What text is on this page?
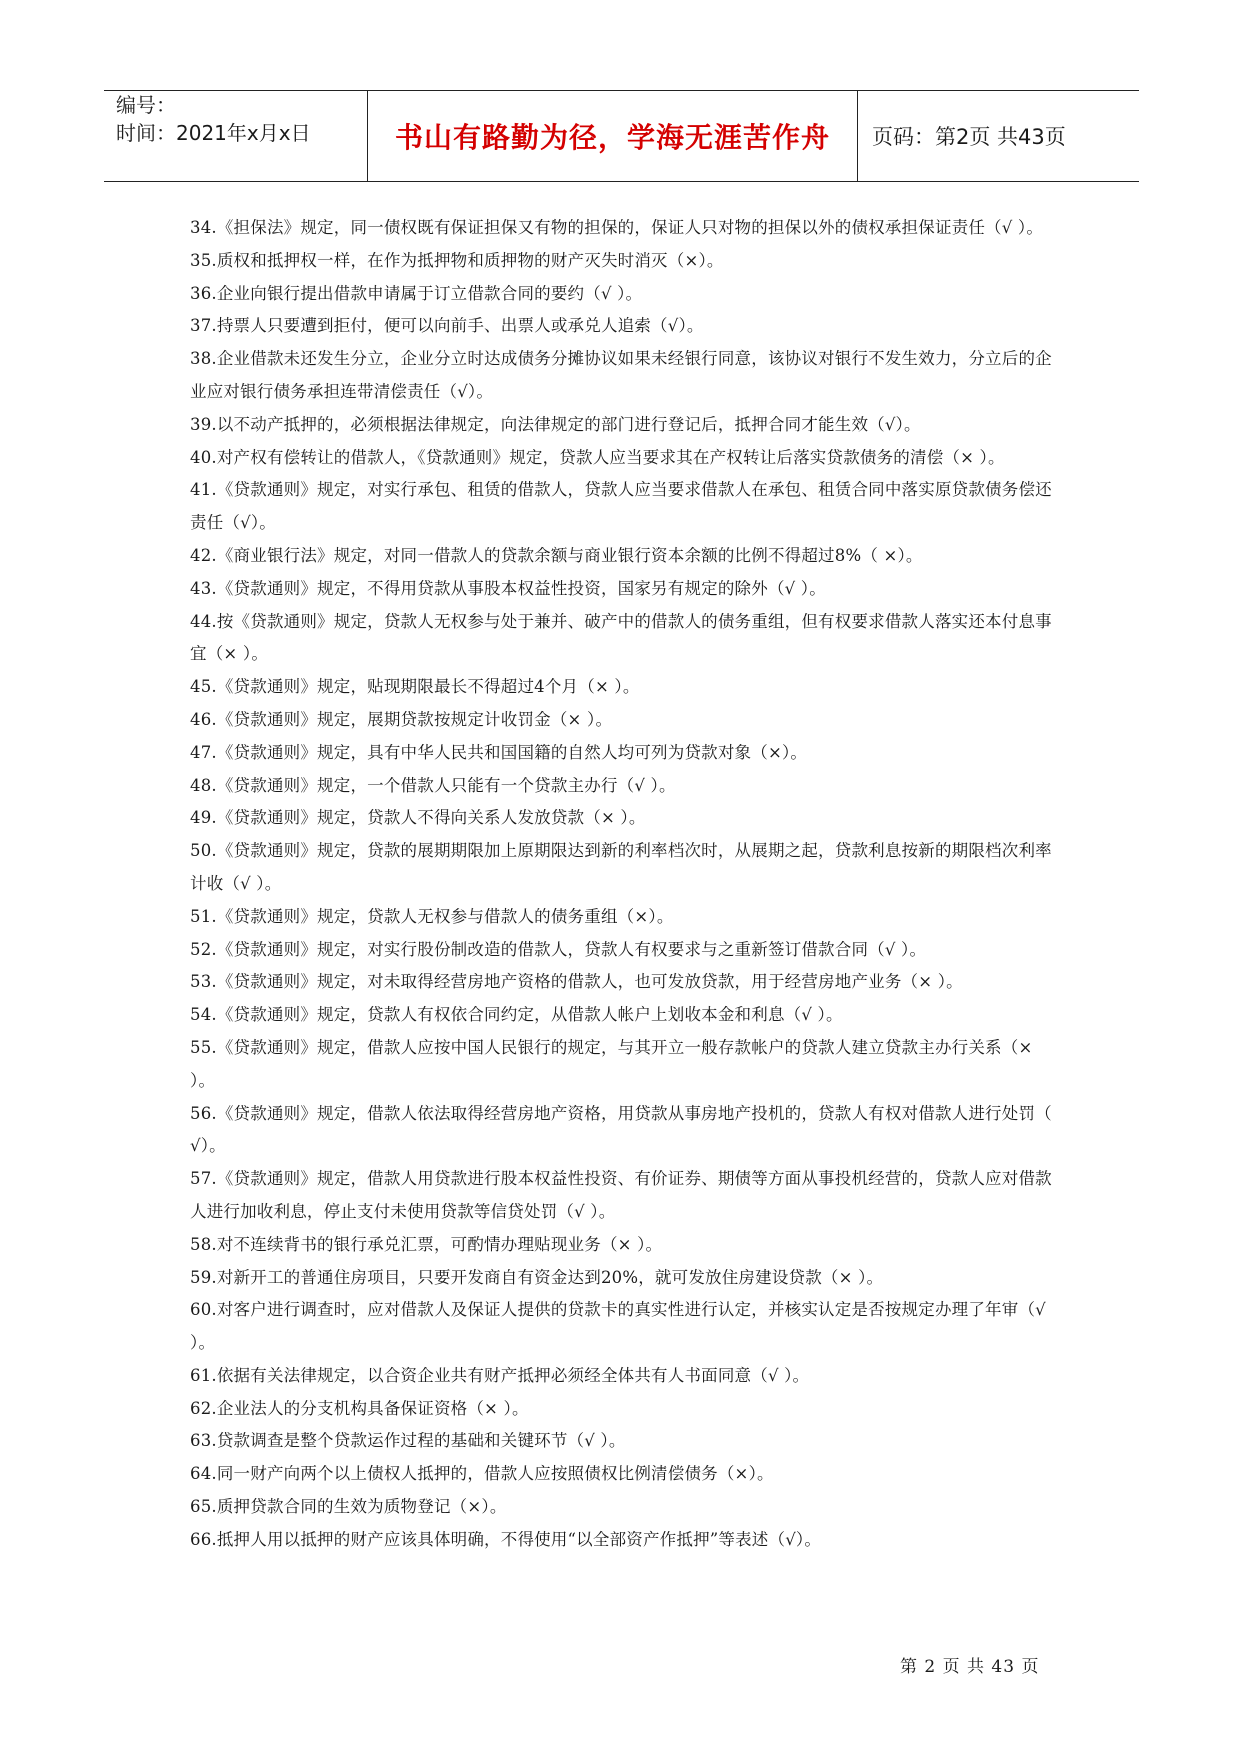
编号：
时间：2021年x月x日	书山有路勤为径，学海无涯苦作舟	页码：第2页 共43页

34.《担保法》规定，同一债权既有保证担保又有物的担保的，保证人只对物的担保以外的债权承担保证责任（√ ）。

35.质权和抵押权一样，在作为抵押物和质押物的财产灭失时消灭（×）。

36.企业向银行提出借款申请属于订立借款合同的要约（√ ）。

37.持票人只要遭到拒付，便可以向前手、出票人或承兑人追索（√）。

38.企业借款未还发生分立，企业分立时达成债务分摊协议如果未经银行同意，该协议对银行不发生效力，分立后的企业应对银行债务承担连带清偿责任（√）。

39.以不动产抵押的，必须根据法律规定，向法律规定的部门进行登记后，抵押合同才能生效（√）。

40.对产权有偿转让的借款人，《贷款通则》规定，贷款人应当要求其在产权转让后落实贷款债务的清偿（× ）。

41.《贷款通则》规定，对实行承包、租赁的借款人，贷款人应当要求借款人在承包、租赁合同中落实原贷款债务偿还责任（√）。

42.《商业银行法》规定，对同一借款人的贷款余额与商业银行资本余额的比例不得超过8%（ ×）。

43.《贷款通则》规定，不得用贷款从事股本权益性投资，国家另有规定的除外（√ ）。

44.按《贷款通则》规定，贷款人无权参与处于兼并、破产中的借款人的债务重组，但有权要求借款人落实还本付息事宜（× ）。

45.《贷款通则》规定，贴现期限最长不得超过4个月（× ）。

46.《贷款通则》规定，展期贷款按规定计收罚金（× ）。

47.《贷款通则》规定，具有中华人民共和国国籍的自然人均可列为贷款对象（×）。

48.《贷款通则》规定，一个借款人只能有一个贷款主办行（√ ）。

49.《贷款通则》规定，贷款人不得向关系人发放贷款（× ）。

50.《贷款通则》规定，贷款的展期期限加上原期限达到新的利率档次时，从展期之起，贷款利息按新的期限档次利率计收（√ ）。

51.《贷款通则》规定，贷款人无权参与借款人的债务重组（×）。

52.《贷款通则》规定，对实行股份制改造的借款人，贷款人有权要求与之重新签订借款合同（√ ）。

53.《贷款通则》规定，对未取得经营房地产资格的借款人，也可发放贷款，用于经营房地产业务（× ）。

54.《贷款通则》规定，贷款人有权依合同约定，从借款人帐户上划收本金和利息（√ ）。

55.《贷款通则》规定，借款人应按中国人民银行的规定，与其开立一般存款帐户的贷款人建立贷款主办行关系（× ）。

56.《贷款通则》规定，借款人依法取得经营房地产资格，用贷款从事房地产投机的，贷款人有权对借款人进行处罚（ √）。

57.《贷款通则》规定，借款人用贷款进行股本权益性投资、有价证券、期债等方面从事投机经营的，贷款人应对借款人进行加收利息，停止支付未使用贷款等信贷处罚（√ ）。

58.对不连续背书的银行承兑汇票，可酌情办理贴现业务（× ）。

59.对新开工的普通住房项目，只要开发商自有资金达到20%，就可发放住房建设贷款（× ）。

60.对客户进行调查时，应对借款人及保证人提供的贷款卡的真实性进行认定，并核实认定是否按规定办理了年审（√ ）。

61.依据有关法律规定，以合资企业共有财产抵押必须经全体共有人书面同意（√ ）。

62.企业法人的分支机构具备保证资格（× ）。

63.贷款调查是整个贷款运作过程的基础和关键环节（√ ）。

64.同一财产向两个以上债权人抵押的，借款人应按照债权比例清偿债务（×）。

65.质押贷款合同的生效为质物登记（×）。

66.抵押人用以抵押的财产应该具体明确，不得使用“以全部资产作抵押”等表述（√）。

第 2 页 共 43 页
